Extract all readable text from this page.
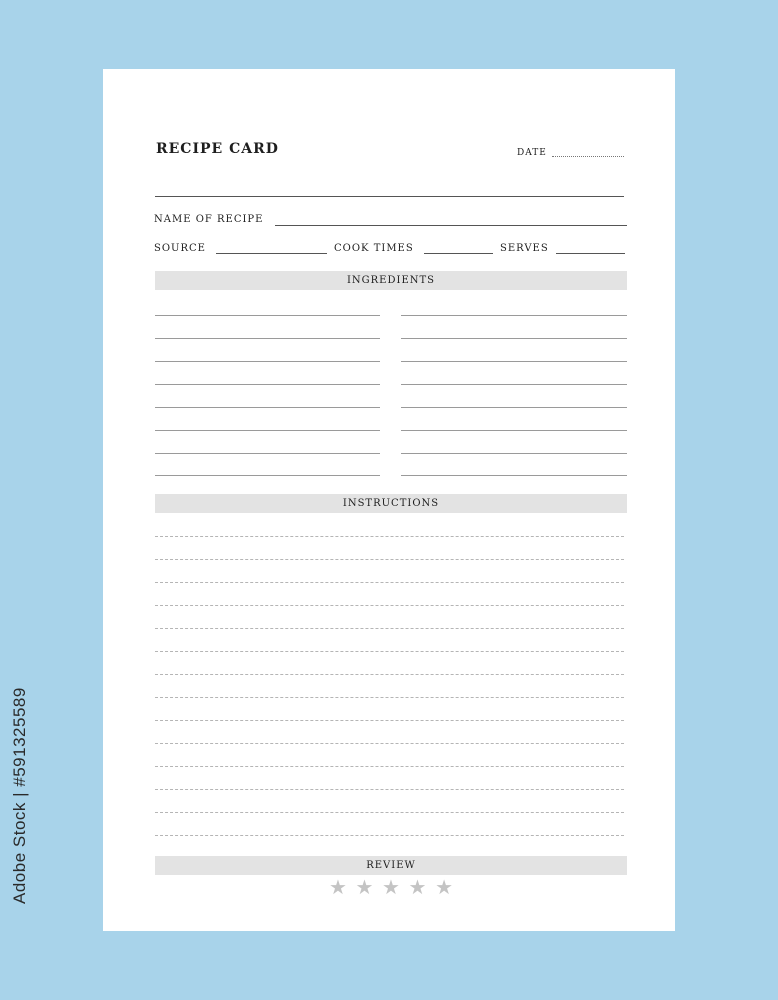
RECIPE CARD	DATE
NAME OF RECIPE
SOURCE	COOK TIMES	SERVES
INGREDIENTS
INSTRUCTIONS
REVIEW
★ ★ ★ ★ ★
Adobe Stock | #591325589
